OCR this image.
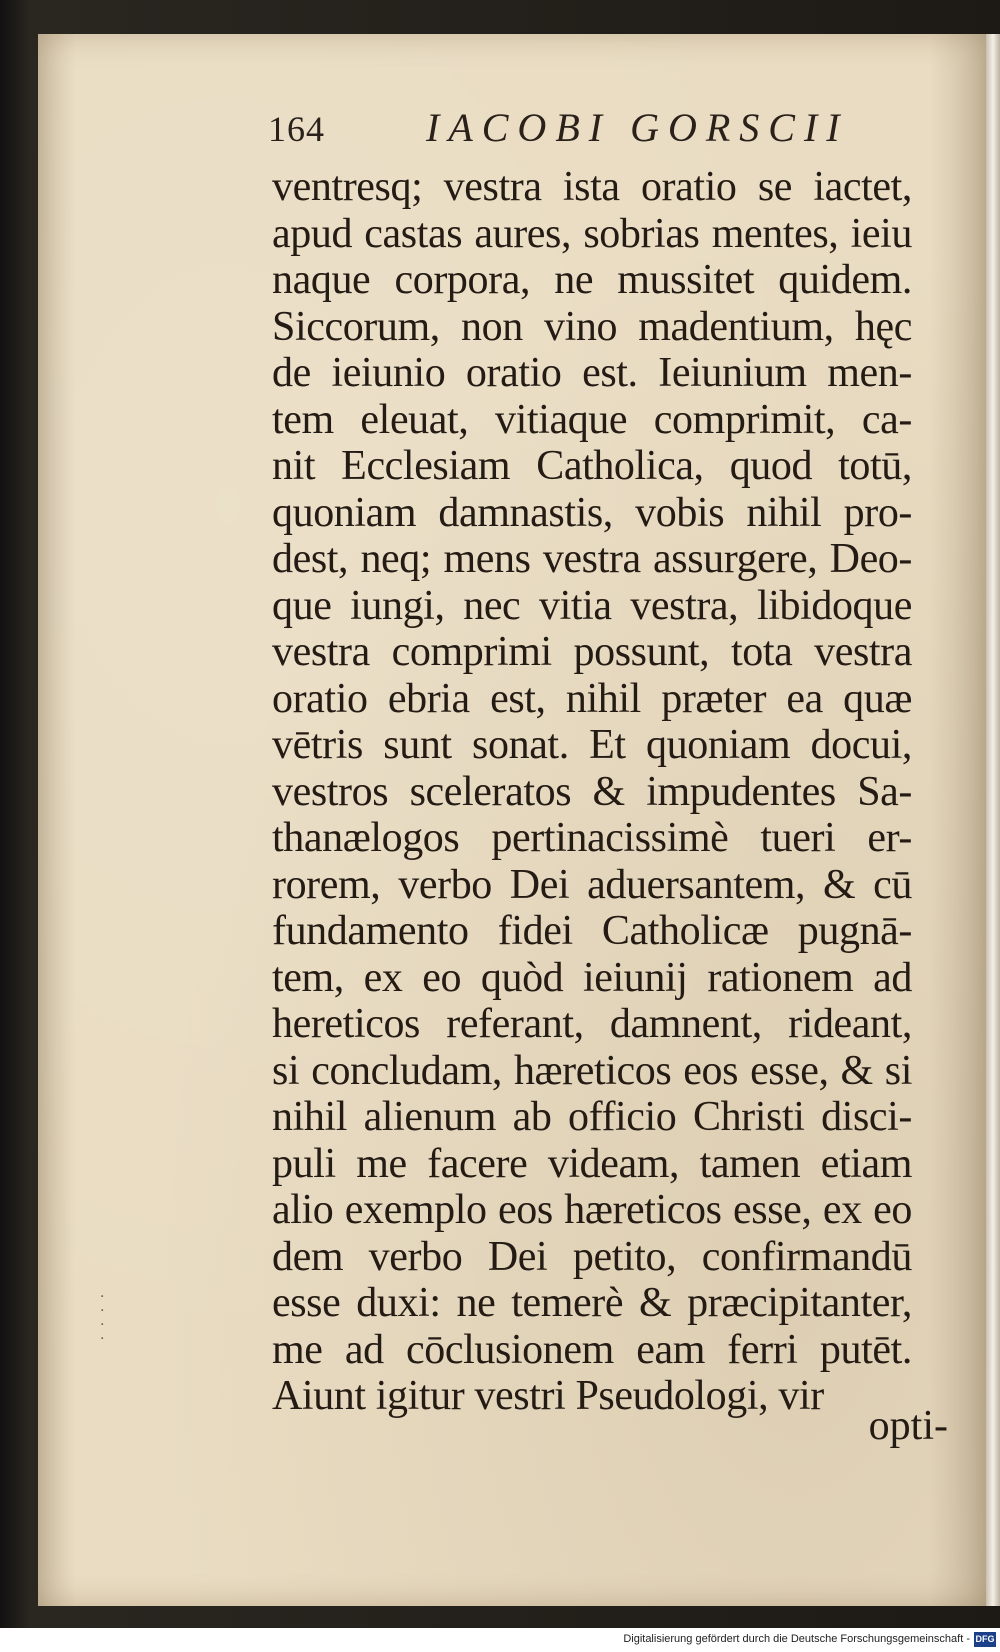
·
·
·
·
164	IACOBI GORSCII
ventresq; vestra ista oratio se iactet,
apud castas aures, sobrias mentes, ieiu
naque corpora, ne mussitet quidem.
Siccorum, non vino madentium, hęc
de ieiunio oratio est. Ieiunium men-
tem eleuat, vitiaque comprimit, ca-
nit Ecclesiam Catholica, quod totū,
quoniam damnastis, vobis nihil pro-
dest, neq; mens vestra assurgere, Deo-
que iungi, nec vitia vestra, libidoque
vestra comprimi possunt, tota vestra
oratio ebria est, nihil præter ea quæ
vētris sunt sonat. Et quoniam docui,
vestros sceleratos & impudentes Sa-
thanælogos pertinacissimè tueri er-
rorem, verbo Dei aduersantem, & cū
fundamento fidei Catholicæ pugnā-
tem, ex eo quòd ieiunij rationem ad
hereticos referant, damnent, rideant,
si concludam, hæreticos eos esse, & si
nihil alienum ab officio Christi disci-
puli me facere videam, tamen etiam
alio exemplo eos hæreticos esse, ex eo
dem verbo Dei petito, confirmandū
esse duxi: ne temerè & præcipitanter,
me ad cōclusionem eam ferri putēt.
Aiunt igitur vestri Pseudologi, vir
opti-
Digitalisierung gefördert durch die Deutsche Forschungsgemeinschaft - DFG
